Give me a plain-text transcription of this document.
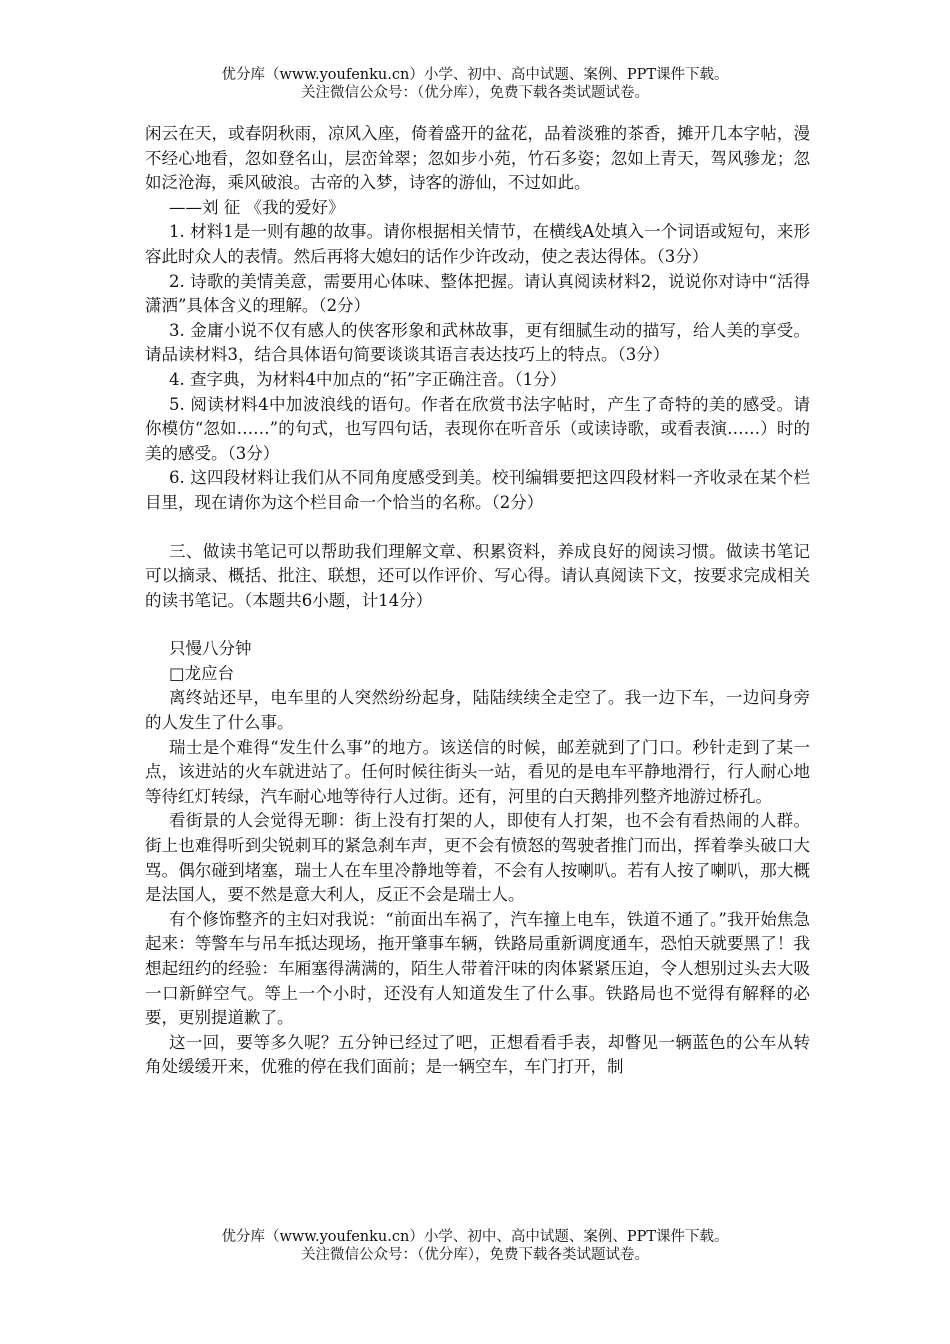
优分库（www.youfenku.cn）小学、初中、高中试题、案例、PPT课件下载。
关注微信公众号：（优分库），免费下载各类试题试卷。

闲云在天，或春阴秋雨，凉风入座，倚着盛开的盆花，品着淡雅的茶香，摊开几本字帖，漫不经心地看，忽如登名山，层峦耸翠；忽如步小苑，竹石多姿；忽如上青天，驾风骖龙；忽如泛沧海，乘风破浪。古帝的入梦，诗客的游仙，不过如此。

——刘 征 《我的爱好》

1. 材料1是一则有趣的故事。请你根据相关情节，在横线A处填入一个词语或短句，来形容此时众人的表情。然后再将大媳妇的话作少许改动，使之表达得体。（3分）

2. 诗歌的美情美意，需要用心体味、整体把握。请认真阅读材料2，说说你对诗中“活得潇洒”具体含义的理解。（2分）

3. 金庸小说不仅有感人的侠客形象和武林故事，更有细腻生动的描写，给人美的享受。请品读材料3，结合具体语句简要谈谈其语言表达技巧上的特点。（3分）

4. 查字典，为材料4中加点的“拓”字正确注音。（1分）

5. 阅读材料4中加波浪线的语句。作者在欣赏书法字帖时，产生了奇特的美的感受。请你模仿“忽如……”的句式，也写四句话，表现你在听音乐（或读诗歌，或看表演……）时的美的感受。（3分）

6. 这四段材料让我们从不同角度感受到美。校刊编辑要把这四段材料一齐收录在某个栏目里，现在请你为这个栏目命一个恰当的名称。（2分）

三、做读书笔记可以帮助我们理解文章、积累资料，养成良好的阅读习惯。做读书笔记可以摘录、概括、批注、联想，还可以作评价、写心得。请认真阅读下文，按要求完成相关的读书笔记。（本题共6小题，计14分）

只慢八分钟

□龙应台

离终站还早，电车里的人突然纷纷起身，陆陆续续全走空了。我一边下车，一边问身旁的人发生了什么事。

瑞士是个难得“发生什么事”的地方。该送信的时候，邮差就到了门口。秒针走到了某一点，该进站的火车就进站了。任何时候往街头一站，看见的是电车平静地滑行，行人耐心地等待红灯转绿，汽车耐心地等待行人过街。还有，河里的白天鹅排列整齐地游过桥孔。

看街景的人会觉得无聊：街上没有打架的人，即使有人打架，也不会有看热闹的人群。街上也难得听到尖锐刺耳的紧急刹车声，更不会有愤怒的驾驶者推门而出，挥着拳头破口大骂。偶尔碰到堵塞，瑞士人在车里冷静地等着，不会有人按喇叭。若有人按了喇叭，那大概是法国人，要不然是意大利人，反正不会是瑞士人。

有个修饰整齐的主妇对我说：“前面出车祸了，汽车撞上电车，铁道不通了。”我开始焦急起来：等警车与吊车抵达现场，拖开肇事车辆，铁路局重新调度通车，恐怕天就要黑了！我想起纽约的经验：车厢塞得满满的，陌生人带着汗味的肉体紧紧压迫，令人想别过头去大吸一口新鲜空气。等上一个小时，还没有人知道发生了什么事。铁路局也不觉得有解释的必要，更别提道歉了。

这一回，要等多久呢？五分钟已经过了吧，正想看看手表，却瞥见一辆蓝色的公车从转角处缓缓开来，优雅的停在我们面前；是一辆空车，车门打开，制

优分库（www.youfenku.cn）小学、初中、高中试题、案例、PPT课件下载。
关注微信公众号：（优分库），免费下载各类试题试卷。
